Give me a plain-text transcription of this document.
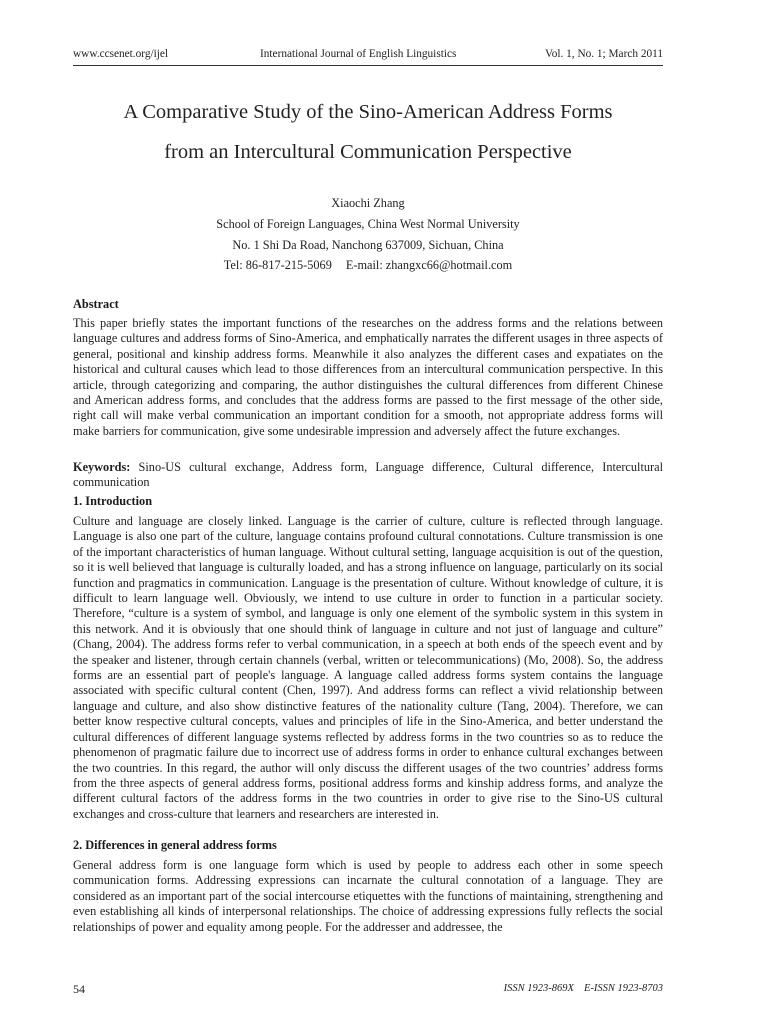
www.ccsenet.org/ijel	International Journal of English Linguistics	Vol. 1, No. 1; March 2011
A Comparative Study of the Sino-American Address Forms
from an Intercultural Communication Perspective
Xiaochi Zhang
School of Foreign Languages, China West Normal University
No. 1 Shi Da Road, Nanchong 637009, Sichuan, China
Tel: 86-817-215-5069 E-mail: zhangxc66@hotmail.com
Abstract

This paper briefly states the important functions of the researches on the address forms and the relations between language cultures and address forms of Sino-America, and emphatically narrates the different usages in three aspects of general, positional and kinship address forms. Meanwhile it also analyzes the different cases and expatiates on the historical and cultural causes which lead to those differences from an intercultural communication perspective. In this article, through categorizing and comparing, the author distinguishes the cultural differences from different Chinese and American address forms, and concludes that the address forms are passed to the first message of the other side, right call will make verbal communication an important condition for a smooth, not appropriate address forms will make barriers for communication, give some undesirable impression and adversely affect the future exchanges.

Keywords: Sino-US cultural exchange, Address form, Language difference, Cultural difference, Intercultural communication

1. Introduction

Culture and language are closely linked. Language is the carrier of culture, culture is reflected through language. Language is also one part of the culture, language contains profound cultural connotations. Culture transmission is one of the important characteristics of human language. Without cultural setting, language acquisition is out of the question, so it is well believed that language is culturally loaded, and has a strong influence on language, particularly on its social function and pragmatics in communication. Language is the presentation of culture. Without knowledge of culture, it is difficult to learn language well. Obviously, we intend to use culture in order to function in a particular society. Therefore, “culture is a system of symbol, and language is only one element of the symbolic system in this system in this network. And it is obviously that one should think of language in culture and not just of language and culture” (Chang, 2004). The address forms refer to verbal communication, in a speech at both ends of the speech event and by the speaker and listener, through certain channels (verbal, written or telecommunications) (Mo, 2008). So, the address forms are an essential part of people's language. A language called address forms system contains the language associated with specific cultural content (Chen, 1997). And address forms can reflect a vivid relationship between language and culture, and also show distinctive features of the nationality culture (Tang, 2004). Therefore, we can better know respective cultural concepts, values and principles of life in the Sino-America, and better understand the cultural differences of different language systems reflected by address forms in the two countries so as to reduce the phenomenon of pragmatic failure due to incorrect use of address forms in order to enhance cultural exchanges between the two countries. In this regard, the author will only discuss the different usages of the two countries’ address forms from the three aspects of general address forms, positional address forms and kinship address forms, and analyze the different cultural factors of the address forms in the two countries in order to give rise to the Sino-US cultural exchanges and cross-culture that learners and researchers are interested in.

2. Differences in general address forms

General address form is one language form which is used by people to address each other in some speech communication forms. Addressing expressions can incarnate the cultural connotation of a language. They are considered as an important part of the social intercourse etiquettes with the functions of maintaining, strengthening and even establishing all kinds of interpersonal relationships. The choice of addressing expressions fully reflects the social relationships of power and equality among people. For the addresser and addressee, the

54	ISSN 1923-869X E-ISSN 1923-8703
